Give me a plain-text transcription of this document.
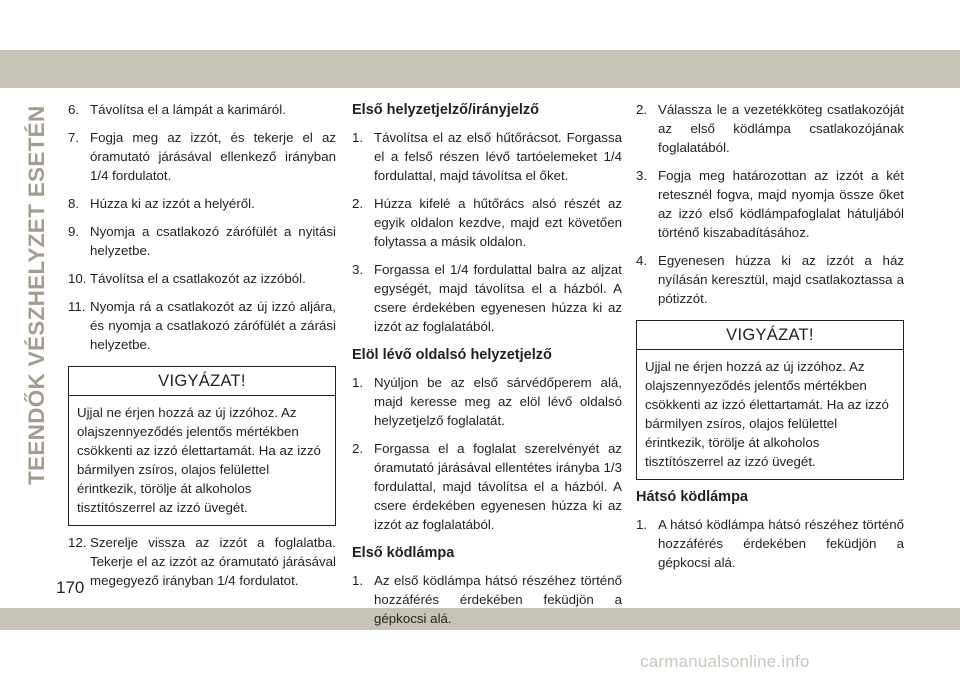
TEENDŐK VÉSZHELYZET ESETÉN
170

6. Távolítsa el a lámpát a karimáról.

7. Fogja meg az izzót, és tekerje el az óramutató járásával ellenkező irányban 1/4 fordulatot.

8. Húzza ki az izzót a helyéről.

9. Nyomja a csatlakozó zárófülét a nyitási helyzetbe.

10. Távolítsa el a csatlakozót az izzóból.

11. Nyomja rá a csatlakozót az új izzó aljára, és nyomja a csatlakozó zárófülét a zárási helyzetbe.

VIGYÁZAT!

Ujjal ne érjen hozzá az új izzóhoz. Az olajszennyeződés jelentős mértékben csökkenti az izzó élettartamát. Ha az izzó bármilyen zsíros, olajos felülettel érintkezik, törölje át alkoholos tisztítószerrel az izzó üvegét.

12. Szerelje vissza az izzót a foglalatba. Tekerje el az izzót az óramutató járásával megegyező irányban 1/4 fordulatot.

Első helyzetjelző/irányjelző

1. Távolítsa el az első hűtőrácsot. Forgassa el a felső részen lévő tartóelemeket 1/4 fordulattal, majd távolítsa el őket.

2. Húzza kifelé a hűtőrács alsó részét az egyik oldalon kezdve, majd ezt követően folytassa a másik oldalon.

3. Forgassa el 1/4 fordulattal balra az aljzat egységét, majd távolítsa el a házból. A csere érdekében egyenesen húzza ki az izzót az foglalatából.

Elöl lévő oldalsó helyzetjelző

1. Nyúljon be az első sárvédőperem alá, majd keresse meg az elöl lévő oldalsó helyzetjelző foglalatát.

2. Forgassa el a foglalat szerelvényét az óramutató járásával ellentétes irányba 1/3 fordulattal, majd távolítsa el a házból. A csere érdekében egyenesen húzza ki az izzót az foglalatából.

Első ködlámpa

1. Az első ködlámpa hátsó részéhez történő hozzáférés érdekében feküdjön a gépkocsi alá.

2. Válassza le a vezetékköteg csatlakozóját az első ködlámpa csatlakozójának foglalatából.

3. Fogja meg határozottan az izzót a két retesznél fogva, majd nyomja össze őket az izzó első ködlámpafoglalat hátuljából történő kiszabadításához.

4. Egyenesen húzza ki az izzót a ház nyílásán keresztül, majd csatlakoztassa a pótizzót.

VIGYÁZAT!

Ujjal ne érjen hozzá az új izzóhoz. Az olajszennyeződés jelentős mértékben csökkenti az izzó élettartamát. Ha az izzó bármilyen zsíros, olajos felülettel érintkezik, törölje át alkoholos tisztítószerrel az izzó üvegét.

Hátsó ködlámpa

1. A hátsó ködlámpa hátsó részéhez történő hozzáférés érdekében feküdjön a gépkocsi alá.

carmanualsonline.info
